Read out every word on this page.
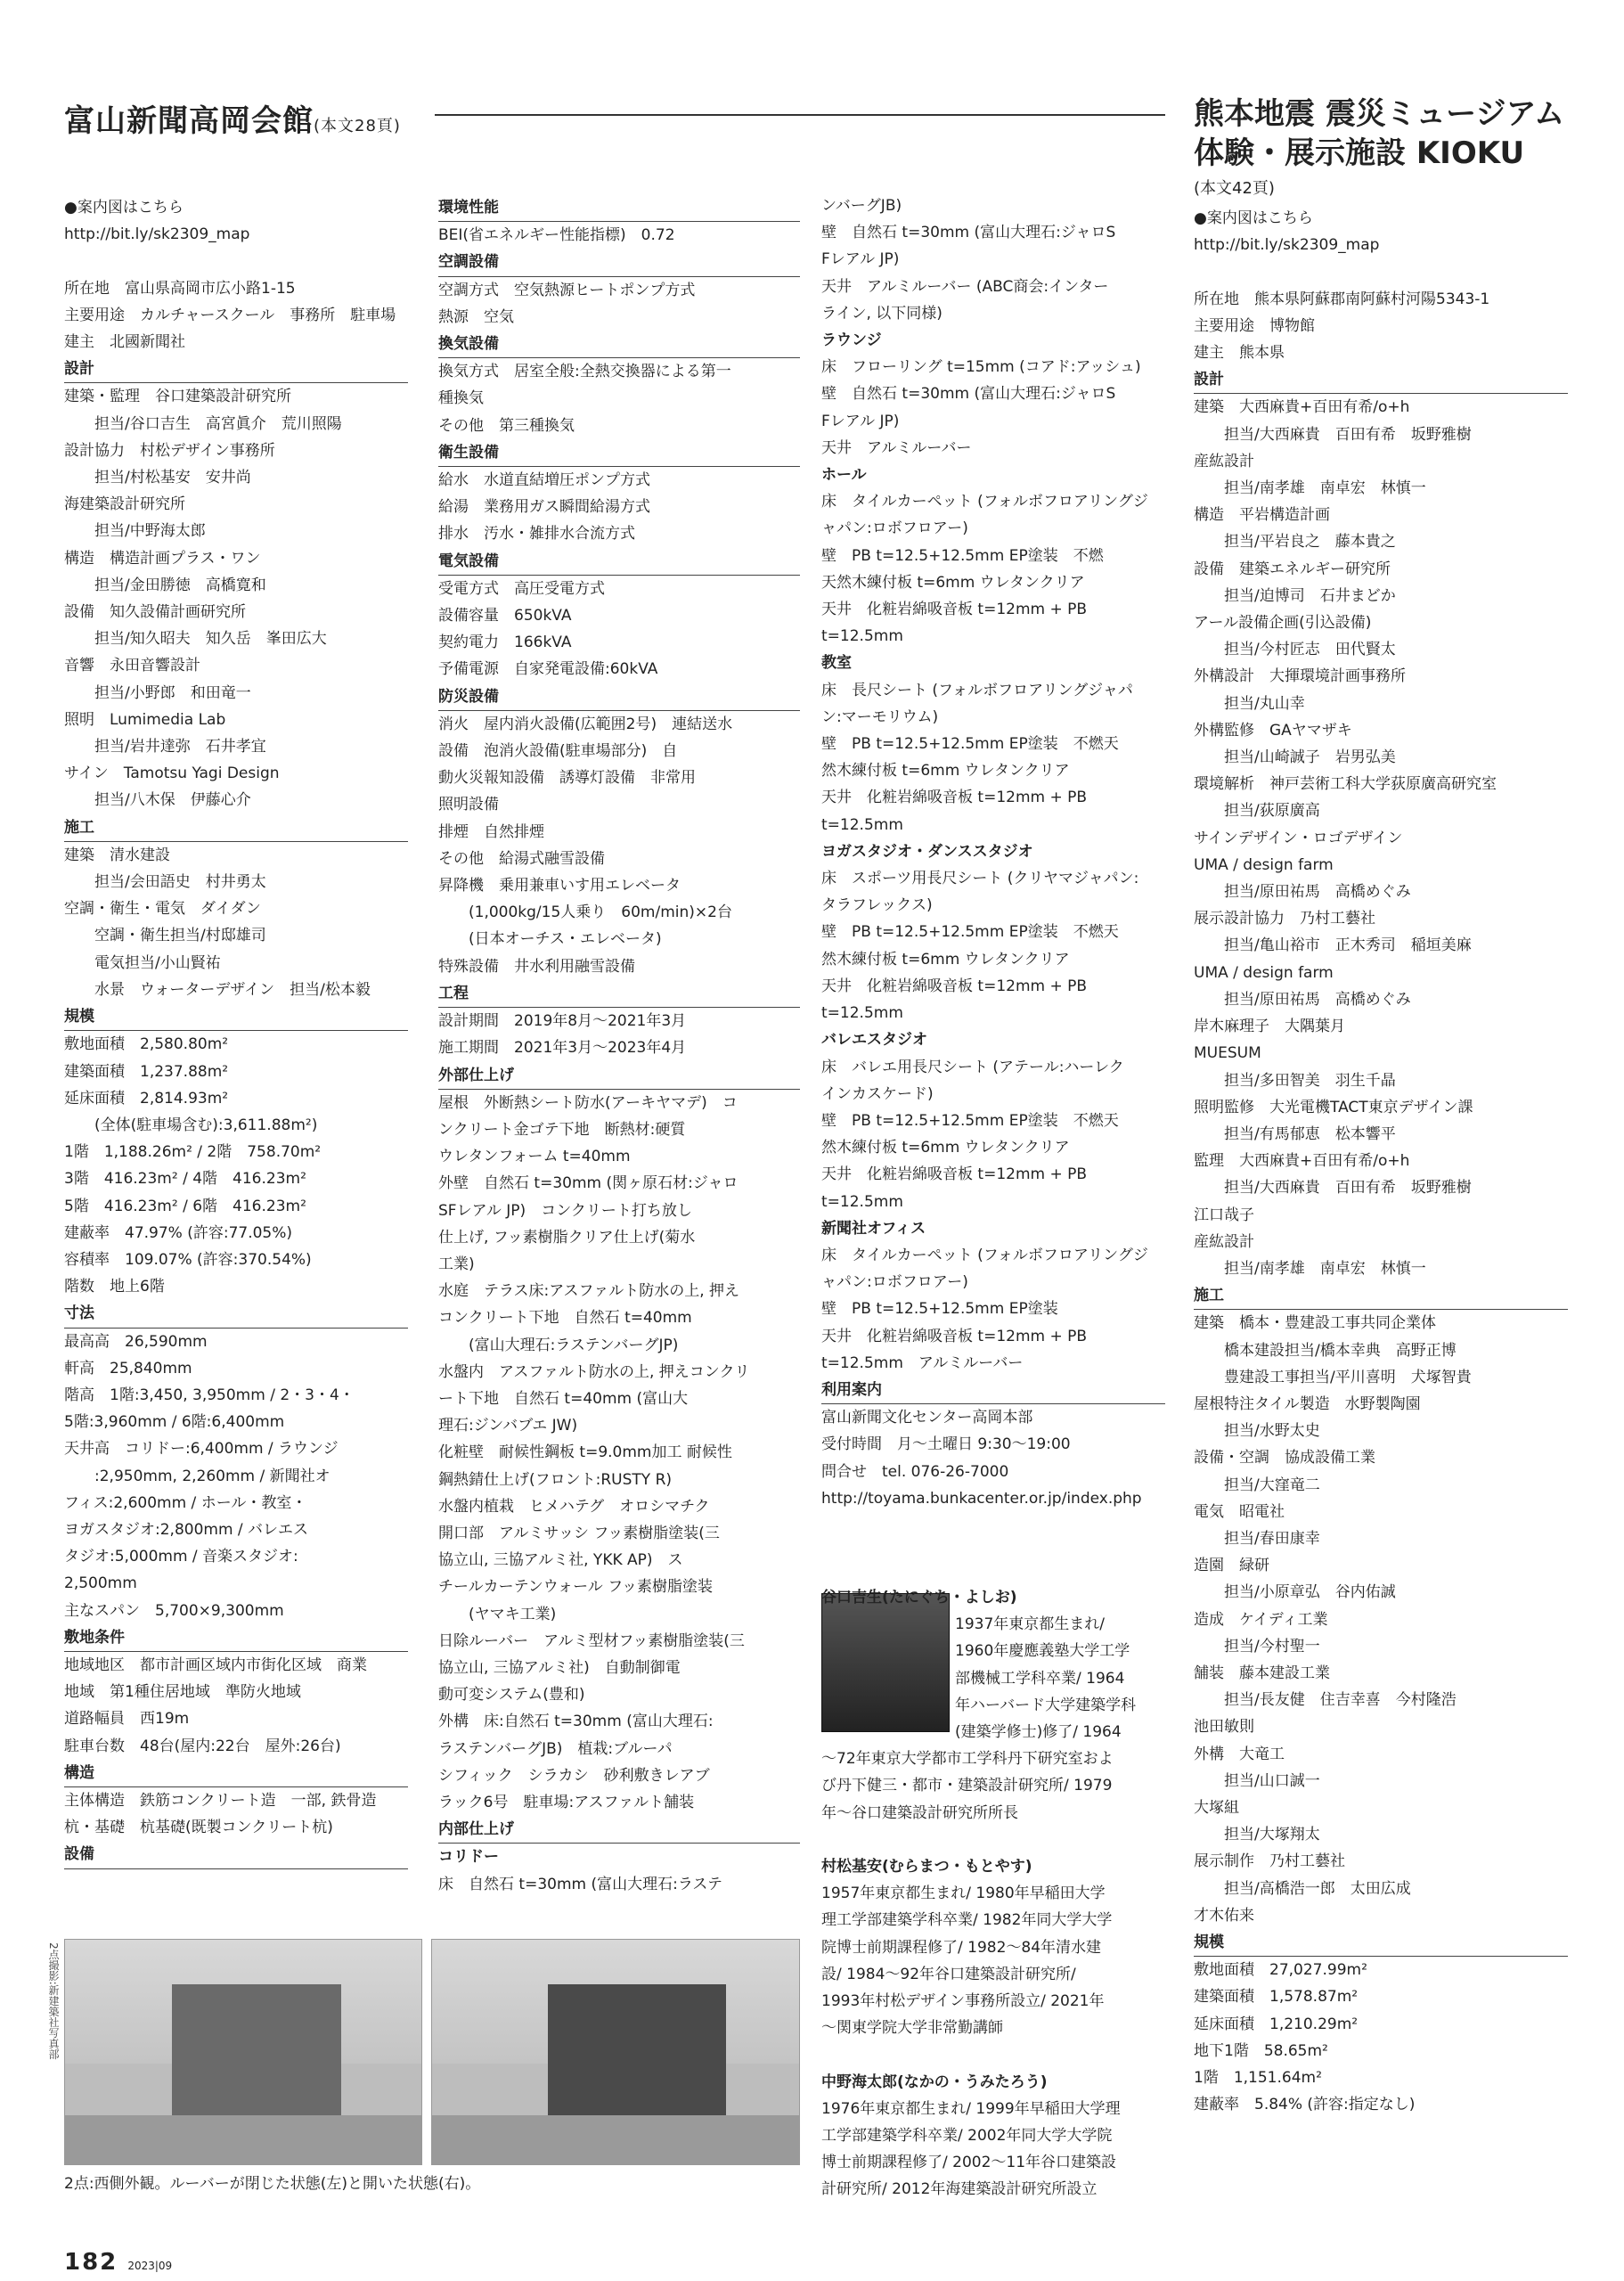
富山新聞高岡会館(本文28頁)	熊本地震 震災ミュージアム
体験・展示施設 KIOKU
(本文42頁)
●案内図はこちら
http://bit.ly/sk2309_map

所在地　富山県高岡市広小路1-15
主要用途　カルチャースクール　事務所　駐車場
建主　北國新聞社
設計
建築・監理　谷口建築設計研究所
担当/谷口吉生　高宮眞介　荒川照陽
設計協力　村松デザイン事務所
担当/村松基安　安井尚
海建築設計研究所
担当/中野海太郎
構造　構造計画プラス・ワン
担当/金田勝徳　高橋寛和
設備　知久設備計画研究所
担当/知久昭夫　知久岳　峯田広大
音響　永田音響設計
担当/小野郎　和田竜一
照明　Lumimedia Lab
担当/岩井達弥　石井孝宜
サイン　Tamotsu Yagi Design
担当/八木保　伊藤心介
施工
建築　清水建設
担当/会田語史　村井勇太
空調・衛生・電気　ダイダン
空調・衛生担当/村邸雄司
電気担当/小山賢祐
水景　ウォーターデザイン　担当/松本毅
規模
敷地面積　2,580.80m²
建築面積　1,237.88m²
延床面積　2,814.93m²
(全体(駐車場含む):3,611.88m²)
1階　1,188.26m² / 2階　758.70m²
3階　416.23m² / 4階　416.23m²
5階　416.23m² / 6階　416.23m²
建蔽率　47.97% (許容:77.05%)
容積率　109.07% (許容:370.54%)
階数　地上6階
寸法
最高高　26,590mm
軒高　25,840mm
階高　1階:3,450, 3,950mm / 2・3・4・
5階:3,960mm / 6階:6,400mm
天井高　コリドー:6,400mm / ラウンジ
:2,950mm, 2,260mm / 新聞社オ
フィス:2,600mm / ホール・教室・
ヨガスタジオ:2,800mm / バレエス
タジオ:5,000mm / 音楽スタジオ:
2,500mm
主なスパン　5,700×9,300mm
敷地条件
地域地区　都市計画区域内市街化区域　商業
地域　第1種住居地域　準防火地域
道路幅員　西19m
駐車台数　48台(屋内:22台　屋外:26台)
構造
主体構造　鉄筋コンクリート造　一部, 鉄骨造
杭・基礎　杭基礎(既製コンクリート杭)
設備
環境性能
BEI(省エネルギー性能指標)　0.72
空調設備
空調方式　空気熱源ヒートポンプ方式
熱源　空気
換気設備
換気方式　居室全般:全熱交換器による第一
種換気
その他　第三種換気
衛生設備
給水　水道直結増圧ポンプ方式
給湯　業務用ガス瞬間給湯方式
排水　汚水・雑排水合流方式
電気設備
受電方式　高圧受電方式
設備容量　650kVA
契約電力　166kVA
予備電源　自家発電設備:60kVA
防災設備
消火　屋内消火設備(広範囲2号)　連結送水
設備　泡消火設備(駐車場部分)　自
動火災報知設備　誘導灯設備　非常用
照明設備
排煙　自然排煙
その他　給湯式融雪設備
昇降機　乗用兼車いす用エレベータ
(1,000kg/15人乗り　60m/min)×2台
(日本オーチス・エレベータ)
特殊設備　井水利用融雪設備
工程
設計期間　2019年8月〜2021年3月
施工期間　2021年3月〜2023年4月
外部仕上げ
屋根　外断熱シート防水(アーキヤマデ)　コ
ンクリート金ゴテ下地　断熱材:硬質
ウレタンフォーム t=40mm
外壁　自然石 t=30mm (関ヶ原石材:ジャロ
SFレアル JP)　コンクリート打ち放し
仕上げ, フッ素樹脂クリア仕上げ(菊水
工業)
水庭　テラス床:アスファルト防水の上, 押え
コンクリート下地　自然石 t=40mm
(富山大理石:ラステンバーグJP)
水盤内　アスファルト防水の上, 押えコンクリ
ート下地　自然石 t=40mm (富山大
理石:ジンバブエ JW)
化粧壁　耐候性鋼板 t=9.0mm加工 耐候性
鋼熱錆仕上げ(フロント:RUSTY R)
水盤内植栽　ヒメハテグ　オロシマチク
開口部　アルミサッシ フッ素樹脂塗装(三
協立山, 三協アルミ社, YKK AP)　ス
チールカーテンウォール フッ素樹脂塗装
(ヤマキ工業)
日除ルーバー　アルミ型材フッ素樹脂塗装(三
協立山, 三協アルミ社)　自動制御電
動可変システム(豊和)
外構　床:自然石 t=30mm (富山大理石:
ラステンバーグJB)　植栽:ブルーパ
シフィック　シラカシ　砂利敷きレアブ
ラック6号　駐車場:アスファルト舗装
内部仕上げ
コリドー
床　自然石 t=30mm (富山大理石:ラステ
ンバーグJB)
壁　自然石 t=30mm (富山大理石:ジャロS
Fレアル JP)
天井　アルミルーバー (ABC商会:インター
ライン, 以下同様)
ラウンジ
床　フローリング t=15mm (コアド:アッシュ)
壁　自然石 t=30mm (富山大理石:ジャロS
Fレアル JP)
天井　アルミルーバー
ホール
床　タイルカーペット (フォルボフロアリングジ
ャパン:ロボフロアー)
壁　PB t=12.5+12.5mm EP塗装　不燃
天然木練付板 t=6mm ウレタンクリア
天井　化粧岩綿吸音板 t=12mm + PB
t=12.5mm
教室
床　長尺シート (フォルボフロアリングジャパ
ン:マーモリウム)
壁　PB t=12.5+12.5mm EP塗装　不燃天
然木練付板 t=6mm ウレタンクリア
天井　化粧岩綿吸音板 t=12mm + PB
t=12.5mm
ヨガスタジオ・ダンススタジオ
床　スポーツ用長尺シート (クリヤマジャパン:
タラフレックス)
壁　PB t=12.5+12.5mm EP塗装　不燃天
然木練付板 t=6mm ウレタンクリア
天井　化粧岩綿吸音板 t=12mm + PB
t=12.5mm
バレエスタジオ
床　バレエ用長尺シート (アテール:ハーレク
インカスケード)
壁　PB t=12.5+12.5mm EP塗装　不燃天
然木練付板 t=6mm ウレタンクリア
天井　化粧岩綿吸音板 t=12mm + PB
t=12.5mm
新聞社オフィス
床　タイルカーペット (フォルボフロアリングジ
ャパン:ロボフロアー)
壁　PB t=12.5+12.5mm EP塗装
天井　化粧岩綿吸音板 t=12mm + PB
t=12.5mm　アルミルーバー
利用案内
富山新聞文化センター高岡本部
受付時間　月〜土曜日 9:30〜19:00
問合せ　tel. 076-26-7000
http://toyama.bunkacenter.or.jp/index.php
●案内図はこちら
http://bit.ly/sk2309_map

所在地　熊本県阿蘇郡南阿蘇村河陽5343-1
主要用途　博物館
建主　熊本県
設計
建築　大西麻貴+百田有希/o+h
担当/大西麻貴　百田有希　坂野雅樹
産紘設計
担当/南孝雄　南卓宏　林慎一
構造　平岩構造計画
担当/平岩良之　藤本貴之
設備　建築エネルギー研究所
担当/迫博司　石井まどか
アール設備企画(引込設備)
担当/今村匠志　田代賢太
外構設計　大揮環境計画事務所
担当/丸山幸
外構監修　GAヤマザキ
担当/山崎誠子　岩男弘美
環境解析　神戸芸術工科大学荻原廣高研究室
担当/荻原廣高
サインデザイン・ロゴデザイン
UMA / design farm
担当/原田祐馬　高橋めぐみ
展示設計協力　乃村工藝社
担当/亀山裕市　正木秀司　稲垣美麻
UMA / design farm
担当/原田祐馬　高橋めぐみ
岸木麻理子　大隅葉月
MUESUM
担当/多田智美　羽生千晶
照明監修　大光電機TACT東京デザイン課
担当/有馬郁恵　松本響平
監理　大西麻貴+百田有希/o+h
担当/大西麻貴　百田有希　坂野雅樹
江口哉子
産紘設計
担当/南孝雄　南卓宏　林慎一
施工
建築　橋本・豊建設工事共同企業体
橋本建設担当/橋本幸典　高野正博
豊建設工事担当/平川喜明　犬塚智貴
屋根特注タイル製造　水野製陶園
担当/水野太史
設備・空調　協成設備工業
担当/大窪竜二
電気　昭電社
担当/春田康幸
造園　緑研
担当/小原章弘　谷内佑誠
造成　ケイディ工業
担当/今村聖一
舗装　藤本建設工業
担当/長友健　住吉幸喜　今村隆浩
池田敏則
外構　大竜工
担当/山口誠一
大塚組
担当/大塚翔太
展示制作　乃村工藝社
担当/高橋浩一郎　太田広成
才木佑来
規模
敷地面積　27,027.99m²
建築面積　1,578.87m²
延床面積　1,210.29m²
地下1階　58.65m²
1階　1,151.64m²
建蔽率　5.84% (許容:指定なし)
谷口吉生(たにぐち・よしお)
1937年東京都生まれ/
1960年慶應義塾大学工学
部機械工学科卒業/ 1964
年ハーバード大学建築学科
(建築学修士)修了/ 1964
〜72年東京大学都市工学科丹下研究室およ
び丹下健三・都市・建築設計研究所/ 1979
年〜谷口建築設計研究所所長

村松基安(むらまつ・もとやす)
1957年東京都生まれ/ 1980年早稲田大学
理工学部建築学科卒業/ 1982年同大学大学
院博士前期課程修了/ 1982〜84年清水建
設/ 1984〜92年谷口建築設計研究所/
1993年村松デザイン事務所設立/ 2021年
〜関東学院大学非常勤講師

中野海太郎(なかの・うみたろう)
1976年東京都生まれ/ 1999年早稲田大学理
工学部建築学科卒業/ 2002年同大学大学院
博士前期課程修了/ 2002〜11年谷口建築設
計研究所/ 2012年海建築設計研究所設立
2点撮影:新建築社写真部
2点:西側外観。ルーバーが閉じた状態(左)と開いた状態(右)。
182 2023|09
